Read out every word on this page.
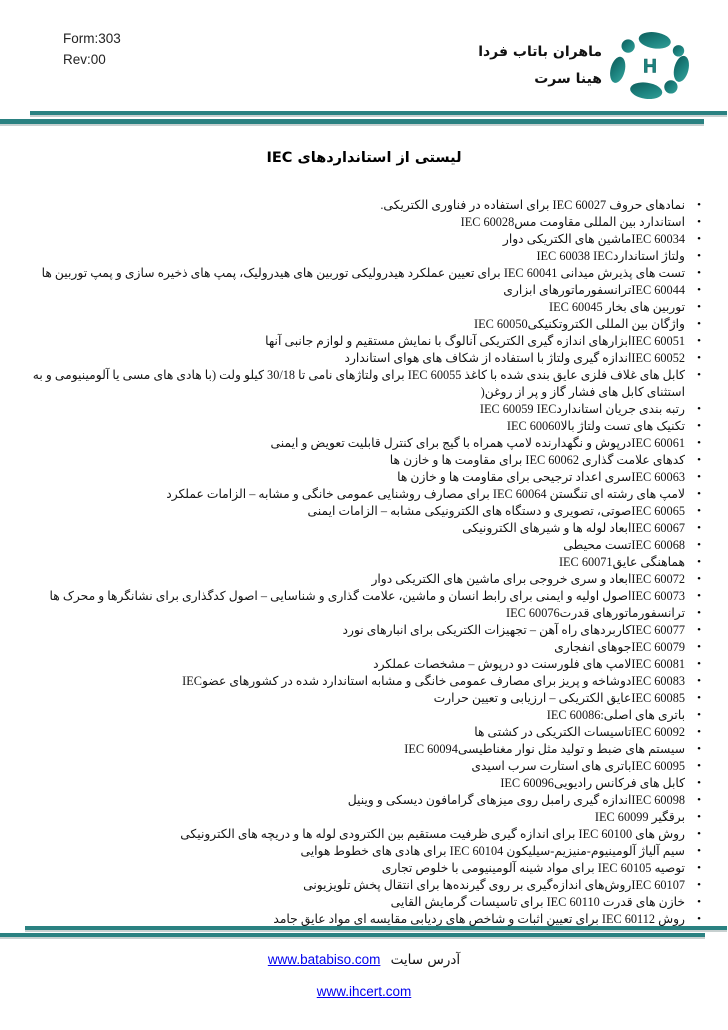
Form:303
Rev:00	ماهران باتاب فردا
هینا سرت
H
لیستی از استانداردهای IEC
•
نمادهای حروف IEC 60027 برای استفاده در فناوری الکتریکی.
•
استاندارد بین المللی مقاومت مسIEC 60028
•
IEC 60034ماشین های الکتریکی دوار
•
ولتاژ استانداردIEC 60038 IEC
•
تست های پذیرش میدانی IEC 60041 برای تعیین عملکرد هیدرولیکی توربین های هیدرولیک، پمپ های ذخیره سازی و پمپ توربین ها
•
IEC 60044ترانسفورماتورهای ابزاری
•
توربین های بخار IEC 60045
•
واژگان بین المللی الکتروتکنیکیIEC 60050
•
IEC 60051ابزارهای اندازه گیری الکتریکی آنالوگ با نمایش مستقیم و لوازم جانبی آنها
•
IEC 60052اندازه گیری ولتاژ با استفاده از شکاف های هوای استاندارد
•
کابل های غلاف فلزی عایق بندی شده با کاغذ IEC 60055 برای ولتاژهای نامی تا 30/18 کیلو ولت (با هادی های مسی یا آلومینیومی و به استثنای کابل های فشار گاز و پر از روغن(
•
رتبه بندی جریان استانداردIEC 60059 IEC
•
تکنیک های تست ولتاژ بالاIEC 60060
•
IEC 60061درپوش و نگهدارنده لامپ همراه با گیج برای کنترل قابلیت تعویض و ایمنی
•
کدهای علامت گذاری IEC 60062 برای مقاومت ها و خازن ها
•
IEC 60063سری اعداد ترجیحی برای مقاومت ها و خازن ها
•
لامپ های رشته ای تنگستن IEC 60064 برای مصارف روشنایی عمومی خانگی و مشابه – الزامات عملکرد
•
IEC 60065صوتی، تصویری و دستگاه های الکترونیکی مشابه – الزامات ایمنی
•
IEC 60067ابعاد لوله ها و شیرهای الکترونیکی
•
IEC 60068تست محیطی
•
هماهنگی عایقIEC 60071
•
IEC 60072ابعاد و سری خروجی برای ماشین های الکتریکی دوار
•
IEC 60073اصول اولیه و ایمنی برای رابط انسان و ماشین، علامت گذاری و شناسایی – اصول کدگذاری برای نشانگرها و محرک ها
•
ترانسفورماتورهای قدرتIEC 60076
•
IEC 60077کاربردهای راه آهن – تجهیزات الکتریکی برای انبارهای نورد
•
IEC 60079جوهای انفجاری
•
IEC 60081لامپ های فلورسنت دو درپوش – مشخصات عملکرد
•
IEC 60083دوشاخه و پریز برای مصارف عمومی خانگی و مشابه استاندارد شده در کشورهای عضوIEC
•
IEC 60085عایق الکتریکی – ارزیابی و تعیین حرارت
•
باتری های اصلی:IEC 60086
•
IEC 60092تاسیسات الکتریکی در کشتی ها
•
سیستم های ضبط و تولید مثل نوار مغناطیسیIEC 60094
•
IEC 60095باتری های استارت سرب اسیدی
•
کابل های فرکانس رادیوییIEC 60096
•
IEC 60098اندازه گیری رامبل روی میزهای گرامافون دیسکی و وینیل
•
برقگیر IEC 60099
•
روش های IEC 60100 برای اندازه گیری ظرفیت مستقیم بین الکترودی لوله ها و دریچه های الکترونیکی
•
سیم آلیاژ آلومینیوم-منیزیم-سیلیکون IEC 60104 برای هادی های خطوط هوایی
•
توصیه IEC 60105 برای مواد شینه آلومینیومی با خلوص تجاری
•
IEC 60107روش‌های اندازه‌گیری بر روی گیرنده‌ها برای انتقال پخش تلویزیونی
•
خازن های قدرت IEC 60110 برای تاسیسات گرمایش القایی
•
روش IEC 60112 برای تعیین اثبات و شاخص های ردیابی مقایسه ای مواد عایق جامد
آدرس سایت www.batabiso.com
www.ihcert.com
